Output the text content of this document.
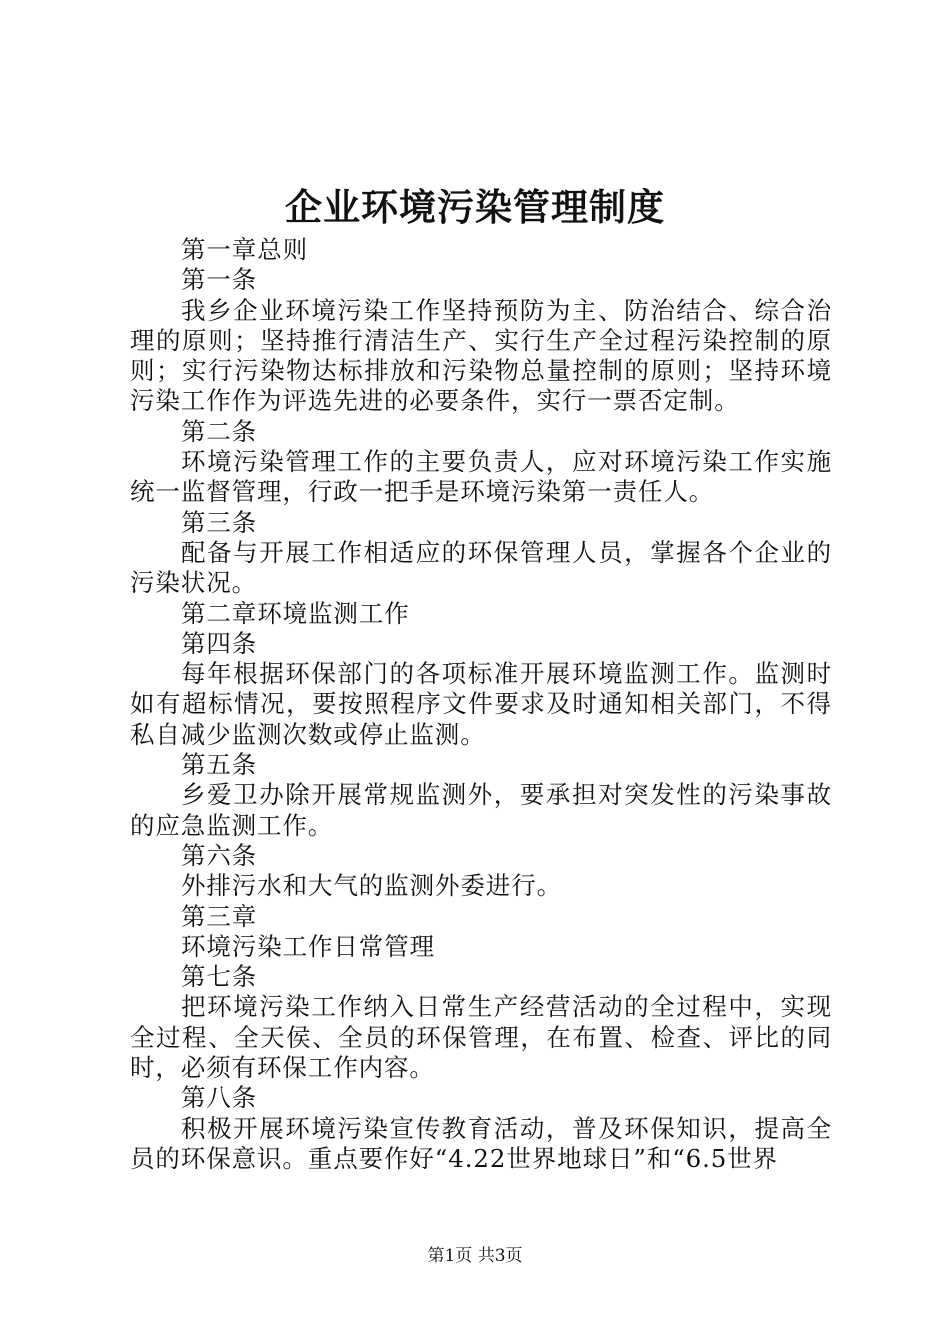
企业环境污染管理制度
第一章总则
第一条
我乡企业环境污染工作坚持预防为主、防治结合、综合治理的原则；坚持推行清洁生产、实行生产全过程污染控制的原则；实行污染物达标排放和污染物总量控制的原则；坚持环境污染工作作为评选先进的必要条件，实行一票否定制。
第二条
环境污染管理工作的主要负责人，应对环境污染工作实施统一监督管理，行政一把手是环境污染第一责任人。
第三条
配备与开展工作相适应的环保管理人员，掌握各个企业的污染状况。
第二章环境监测工作
第四条
每年根据环保部门的各项标准开展环境监测工作。监测时如有超标情况，要按照程序文件要求及时通知相关部门，不得私自减少监测次数或停止监测。
第五条
乡爱卫办除开展常规监测外，要承担对突发性的污染事故的应急监测工作。
第六条
外排污水和大气的监测外委进行。
第三章
环境污染工作日常管理
第七条
把环境污染工作纳入日常生产经营活动的全过程中，实现全过程、全天侯、全员的环保管理，在布置、检查、评比的同时，必须有环保工作内容。
第八条
积极开展环境污染宣传教育活动，普及环保知识，提高全员的环保意识。重点要作好“4.22世界地球日”和“6.5世界
第1页 共3页
